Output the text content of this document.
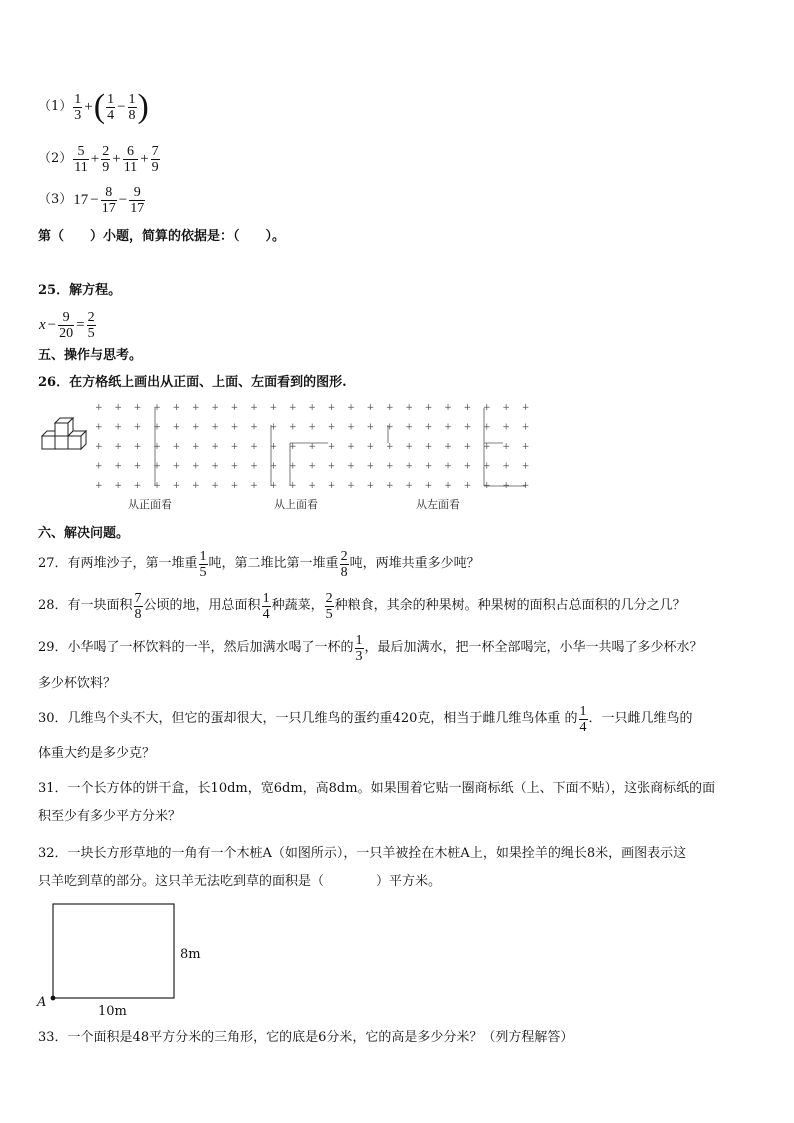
$(1) \frac{1}{3}$ + ( $\frac{1}{4} - \frac{1}{8}$ )
$(2) \frac{5}{11} + \frac{2}{9} + \frac{6}{11} + \frac{7}{9}$
（3） $17 - \frac{8}{17} - \frac{9}{17}$
第（　　）小题，简算的依据是：（　　）。
25．解方程。
$x - \frac{9}{20} = \frac{2}{5}$
五、操作与思考。
26．在方格纸上画出从正面、上面、左面看到的图形.
+ + + + + + + + + + + + + + + + + + + + + + +
+ + + + + + + + + + + + + + + + + + + + + + +
+ + + + + + + + + + + + + + + + + + + + + + +
+ + + + + + + + + + + + + + + + + + + + + + +
+ + + + + + + + + + + + + + + + + + + + + + +
从正面看	从上面看	从左面看
六、解决问题。
27．有两堆沙子，第一堆重 $\frac{1}{5}$ 吨，第二堆比第一堆重 $\frac{2}{8}$ 吨，两堆共重多少吨？
28．有一块面积 $\frac{7}{8}$ 公顷的地，用总面积 $\frac{1}{4}$ 种蔬菜， $\frac{2}{5}$ 种粮食，其余的种果树。种果树的面积占总面积的几分之几？
29．小华喝了一杯饮料的一半，然后加满水喝了一杯的 $\frac{1}{3}$ ，最后加满水，把一杯全部喝完，小华一共喝了多少杯水？
多少杯饮料？
30．几维鸟个头不大，但它的蛋却很大，一只几维鸟的蛋约重420克，相当于雌几维鸟体重 的 $\frac{1}{4}$ ．一只雌几维鸟的
体重大约是多少克？
31．一个长方体的饼干盒，长10dm，宽6dm，高8dm。如果围着它贴一圈商标纸（上、下面不贴），这张商标纸的面
积至少有多少平方分米？
32．一块长方形草地的一角有一个木桩A（如图所示），一只羊被拴在木桩A上，如果拴羊的绳长8米，画图表示这
只羊吃到草的部分。这只羊无法吃到草的面积是（　　　　）平方米。
A
10m
8m
33．一个面积是48平方分米的三角形，它的底是6分米，它的高是多少分米？（列方程解答）
